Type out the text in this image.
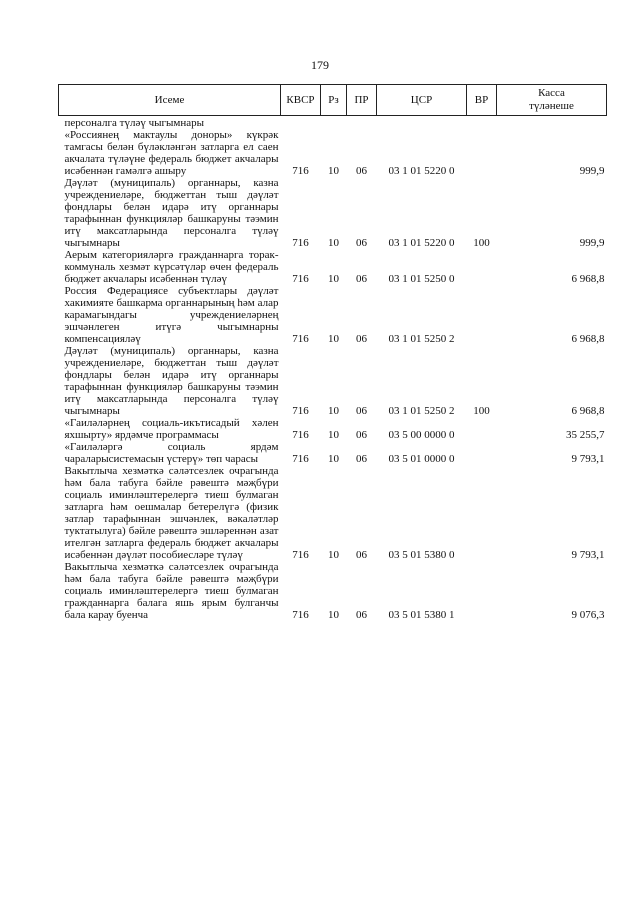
179
Исеме	КВСР	Рз	ПР	ЦСР	ВР	Касса
түләнеше
персоналга түләү чыгымнары						
«Россиянең мактаулы доноры» күкрәк тамгасы белән бүләкләнгән затларга ел саен акчалата түләүне федераль бюджет акчалары исәбеннән гамәлгә ашыру	716	10	06	03 1 01 5220 0		999,9
Дәүләт (муниципаль) органнары, казна учреждениеләре, бюджеттан тыш дәүләт фондлары белән идарә итү органнары тарафыннан функцияләр башкаруны тәэмин итү максатларында персоналга түләү чыгымнары	716	10	06	03 1 01 5220 0	100	999,9
Аерым категорияләргә гражданнарга торак-коммуналь хезмәт күрсәтүләр өчен федераль бюджет акчалары исәбеннән түләү	716	10	06	03 1 01 5250 0		6 968,8
Россия Федерациясе субъектлары дәүләт хакимияте башкарма органнарының һәм алар карамагындагы учреждениеләрнең эшчәнлеген итүгә чыгымнарны компенсацияләү	716	10	06	03 1 01 5250 2		6 968,8
Дәүләт (муниципаль) органнары, казна учреждениеләре, бюджеттан тыш дәүләт фондлары белән идарә итү органнары тарафыннан функцияләр башкаруны тәэмин итү максатларында персоналга түләү чыгымнары	716	10	06	03 1 01 5250 2	100	6 968,8
«Гаиләләрнең социаль-икътисадый хәлен яхшырту» ярдәмче программасы	716	10	06	03 5 00 0000 0		35 255,7
«Гаиләләргә социаль ярдәм чараларысистемасын үстерү» төп чарасы	716	10	06	03 5 01 0000 0		9 793,1
Вакытлыча хезмәткә сәләтсезлек очрагында һәм бала табуга бәйле рәвештә мәҗбүри социаль иминләштерелергә тиеш булмаган затларга һәм оешмалар бетерелүгә (физик затлар тарафыннан эшчәнлек, вәкаләтләр туктатылуга) бәйле рәвештә эшләреннән азат ителгән затларга федераль бюджет акчалары исәбеннән дәүләт пособиесләре түләү	716	10	06	03 5 01 5380 0		9 793,1
Вакытлыча хезмәткә сәләтсезлек очрагында һәм бала табуга бәйле рәвештә мәҗбүри социаль иминләштерелергә тиеш булмаган гражданнарга балага яшь ярым булганчы бала карау буенча	716	10	06	03 5 01 5380 1		9 076,3
